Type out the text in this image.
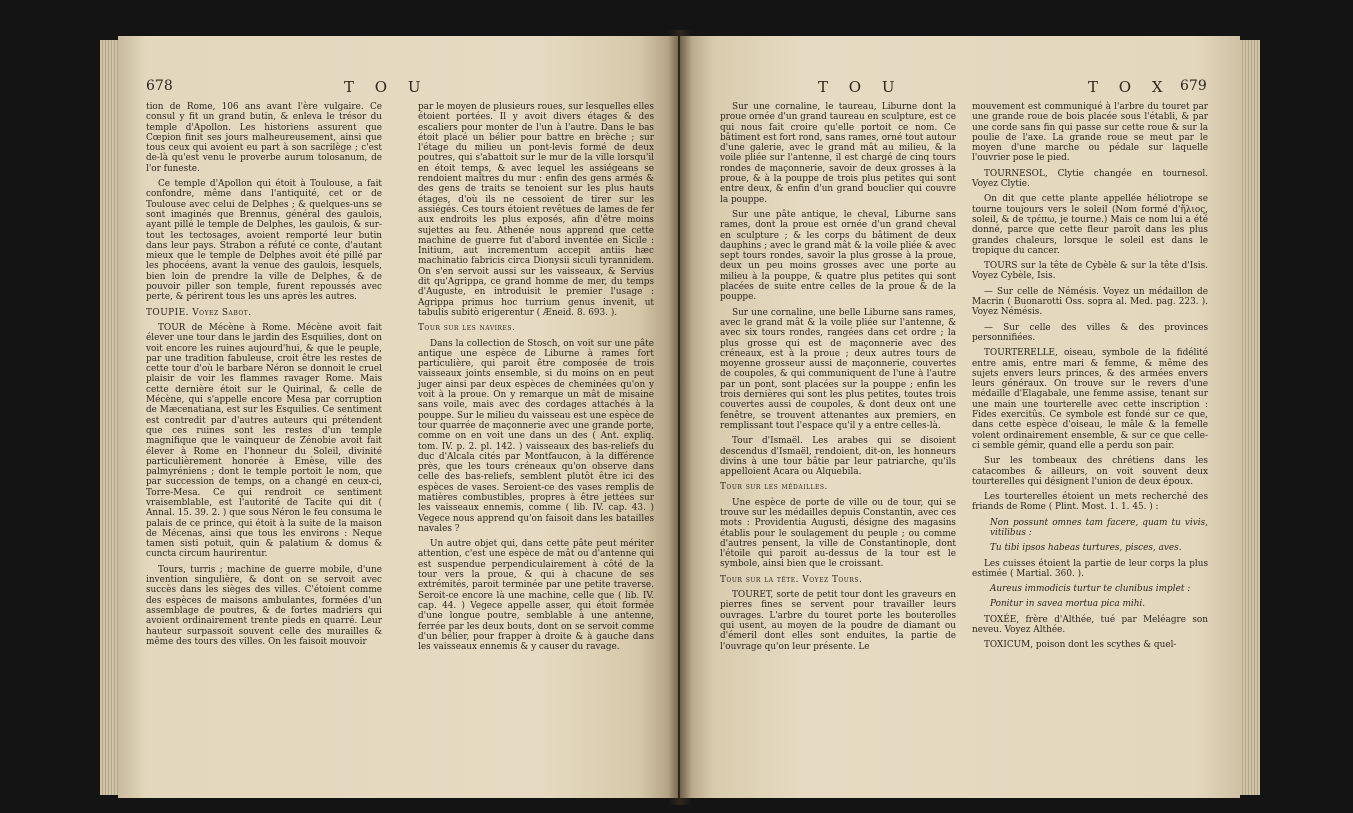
678	T O U

tion de Rome, 106 ans avant l'ère vulgaire. Ce consul y fit un grand butin, & enleva le trésor du temple d'Apollon. Les historiens assurent que Cœpion finit ses jours malheureusement, ainsi que tous ceux qui avoient eu part à son sacrilège ; c'est de-là qu'est venu le proverbe aurum tolosanum, de l'or funeste.

Ce temple d'Apollon qui étoit à Toulouse, a fait confondre, même dans l'antiquité, cet or de Toulouse avec celui de Delphes ; & quelques-uns se sont imaginés que Brennus, général des gaulois, ayant pillé le temple de Delphes, les gaulois, & sur-tout les tectosages, avoient remporté leur butin dans leur pays. Strabon a réfuté ce conte, d'autant mieux que le temple de Delphes avoit été pillé par les phocéens, avant la venue des gaulois, lesquels, bien loin de prendre la ville de Delphes, & de pouvoir piller son temple, furent repoussés avec perte, & périrent tous les uns après les autres.

TOUPIE. Voyez Sabot.

TOUR de Mécène à Rome. Mécène avoit fait élever une tour dans le jardin des Esquilies, dont on voit encore les ruines aujourd'hui, & que le peuple, par une tradition fabuleuse, croit être les restes de cette tour d'où le barbare Néron se donnoit le cruel plaisir de voir les flammes ravager Rome. Mais cette dernière étoit sur le Quirinal, & celle de Mécène, qui s'appelle encore Mesa par corruption de Mæcenatiana, est sur les Esquilies. Ce sentiment est contredit par d'autres auteurs qui prétendent que ces ruines sont les restes d'un temple magnifique que le vainqueur de Zénobie avoit fait élever à Rome en l'honneur du Soleil, divinité particulièrement honorée à Emèse, ville des palmyréniens ; dont le temple portoit le nom, que par succession de temps, on a changé en ceux-ci, Torre-Mesa. Ce qui rendroit ce sentiment vraisemblable, est l'autorité de Tacite qui dit ( Annal. 15. 39. 2. ) que sous Néron le feu consuma le palais de ce prince, qui étoit à la suite de la maison de Mécenas, ainsi que tous les environs : Neque tamen sisti potuit, quin & palatium & domus & cuncta circum haurirentur.

Tours, turris ; machine de guerre mobile, d'une invention singulière, & dont on se servoit avec succès dans les sièges des villes. C'étoient comme des espèces de maisons ambulantes, formées d'un assemblage de poutres, & de fortes madriers qui avoient ordinairement trente pieds en quarré. Leur hauteur surpassoit souvent celle des murailles & même des tours des villes. On les faisoit mouvoir

par le moyen de plusieurs roues, sur lesquelles elles étoient portées. Il y avoit divers étages & des escaliers pour monter de l'un à l'autre. Dans le bas étoit placé un bélier pour battre en brèche ; sur l'étage du milieu un pont-levis formé de deux poutres, qui s'abattoit sur le mur de la ville lorsqu'il en étoit temps, & avec lequel les assiégeans se rendoient maîtres du mur : enfin des gens armés & des gens de traits se tenoient sur les plus hauts étages, d'où ils ne cessoient de tirer sur les assiégés. Ces tours étoient revêtues de lames de fer aux endroits les plus exposés, afin d'être moins sujettes au feu. Athenée nous apprend que cette machine de guerre fut d'abord inventée en Sicile : Initium, aut incrementum accepit antiis hæc machinatio fabricis circa Dionysii siculi tyrannidem. On s'en servoit aussi sur les vaisseaux, & Servius dit qu'Agrippa, ce grand homme de mer, du temps d'Auguste, en introduisit le premier l'usage : Agrippa primus hoc turrium genus invenit, ut tabulis subitò erigerentur ( Æneid. 8. 693. ).

Tour sur les navires.

Dans la collection de Stosch, on voit sur une pâte antique une espèce de Liburne à rames fort particulière, qui paroit être composée de trois vaisseaux joints ensemble, si du moins on en peut juger ainsi par deux espèces de cheminées qu'on y voit à la proue. On y remarque un mât de misaine sans voile, mais avec des cordages attachés à la pouppe. Sur le milieu du vaisseau est une espèce de tour quarrée de maçonnerie avec une grande porte, comme on en voit une dans un des ( Ant. expliq. tom. IV. p. 2. pl. 142. ) vaisseaux des bas-reliefs du duc d'Alcala cités par Montfaucon, à la différence près, que les tours créneaux qu'on observe dans celle des bas-reliefs, semblent plutôt être ici des espèces de vases. Seroient-ce des vases remplis de matières combustibles, propres à être jettées sur les vaisseaux ennemis, comme ( lib. IV. cap. 43. ) Vegece nous apprend qu'on faisoit dans les batailles navales ?

Un autre objet qui, dans cette pâte peut mériter attention, c'est une espèce de mât ou d'antenne qui est suspendue perpendiculairement à côté de la tour vers la proue, & qui à chacune de ses extrémités, paroit terminée par une petite traverse. Seroit-ce encore là une machine, celle que ( lib. IV. cap. 44. ) Vegece appelle asser, qui étoit formée d'une longue poutre, semblable à une antenne, ferrée par les deux bouts, dont on se servoit comme d'un bélier, pour frapper à droite & à gauche dans les vaisseaux ennemis & y causer du ravage.

T O U	T O X 679

Sur une cornaline, le taureau, Liburne dont la proue ornée d'un grand taureau en sculpture, est ce qui nous fait croire qu'elle portoit ce nom. Ce bâtiment est fort rond, sans rames, orné tout autour d'une galerie, avec le grand mât au milieu, & la voile pliée sur l'antenne, il est chargé de cinq tours rondes de maçonnerie, savoir de deux grosses à la proue, & à la pouppe de trois plus petites qui sont entre deux, & enfin d'un grand bouclier qui couvre la pouppe.

Sur une pâte antique, le cheval, Liburne sans rames, dont la proue est ornée d'un grand cheval en sculpture ; & les corps du bâtiment de deux dauphins ; avec le grand mât & la voile pliée & avec sept tours rondes, savoir la plus grosse à la proue, deux un peu moins grosses avec une porte au milieu à la pouppe, & quatre plus petites qui sont placées de suite entre celles de la proue & de la pouppe.

Sur une cornaline, une belle Liburne sans rames, avec le grand mât & la voile pliée sur l'antenne, & avec six tours rondes, rangées dans cet ordre ; la plus grosse qui est de maçonnerie avec des créneaux, est à la proue ; deux autres tours de moyenne grosseur aussi de maçonnerie, couvertes de coupoles, & qui communiquent de l'une à l'autre par un pont, sont placées sur la pouppe ; enfin les trois dernières qui sont les plus petites, toutes trois couvertes aussi de coupoles, & dont deux ont une fenêtre, se trouvent attenantes aux premiers, en remplissant tout l'espace qu'il y a entre celles-là.

Tour d'Ismaël. Les arabes qui se disoient descendus d'Ismaël, rendoient, dit-on, les honneurs divins à une tour bâtie par leur patriarche, qu'ils appelloient Acara ou Alquebila.

Tour sur les médailles.

Une espèce de porte de ville ou de tour, qui se trouve sur les médailles depuis Constantin, avec ces mots : Providentia Augusti, désigne des magasins établis pour le soulagement du peuple ; ou comme d'autres pensent, la ville de Constantinople, dont l'étoile qui paroit au-dessus de la tour est le symbole, ainsi bien que le croissant.

Tour sur la tête. Voyez Tours.

TOURET, sorte de petit tour dont les graveurs en pierres fines se servent pour travailler leurs ouvrages. L'arbre du touret porte les bouterolles qui usent, au moyen de la poudre de diamant ou d'émeril dont elles sont enduites, la partie de l'ouvrage qu'on leur présente. Le

mouvement est communiqué à l'arbre du touret par une grande roue de bois placée sous l'établi, & par une corde sans fin qui passe sur cette roue & sur la poulie de l'axe. La grande roue se meut par le moyen d'une marche ou pédale sur laquelle l'ouvrier pose le pied.

TOURNESOL, Clytie changée en tournesol. Voyez Clytie.

On dit que cette plante appellée héliotrope se tourne toujours vers le soleil (Nom formé d'ἥλιος, soleil, & de τρέπω, je tourne.) Mais ce nom lui a été donné, parce que cette fleur paroît dans les plus grandes chaleurs, lorsque le soleil est dans le tropique du cancer.

TOURS sur la tête de Cybèle & sur la tête d'Isis. Voyez Cybèle, Isis.

— Sur celle de Némésis. Voyez un médaillon de Macrin ( Buonarotti Oss. sopra al. Med. pag. 223. ). Voyez Némésis.

— Sur celle des villes & des provinces personnifiées.

TOURTERELLE, oiseau, symbole de la fidélité entre amis, entre mari & femme, & même des sujets envers leurs princes, & des armées envers leurs généraux. On trouve sur le revers d'une médaille d'Elagabale, une femme assise, tenant sur une main une tourterelle avec cette inscription : Fides exercitûs. Ce symbole est fondé sur ce que, dans cette espèce d'oiseau, le mâle & la femelle volent ordinairement ensemble, & sur ce que celle-ci semble gémir, quand elle a perdu son pair.

Sur les tombeaux des chrétiens dans les catacombes & ailleurs, on voit souvent deux tourterelles qui désignent l'union de deux époux.

Les tourterelles étoient un mets recherché des friands de Rome ( Plint. Most. 1. 1. 45. ) :

Non possunt omnes tam facere, quam tu vivis, vitilibus :

Tu tibi ipsos habeas turtures, pisces, aves.

Les cuisses étoient la partie de leur corps la plus estimée ( Martial. 360. ).

Aureus immodicis turtur te clunibus implet :

Ponitur in savea mortua pica mihi.

TOXÉE, frère d'Althée, tué par Meléagre son neveu. Voyez Althée.

TOXICUM, poison dont les scythes & quel-
